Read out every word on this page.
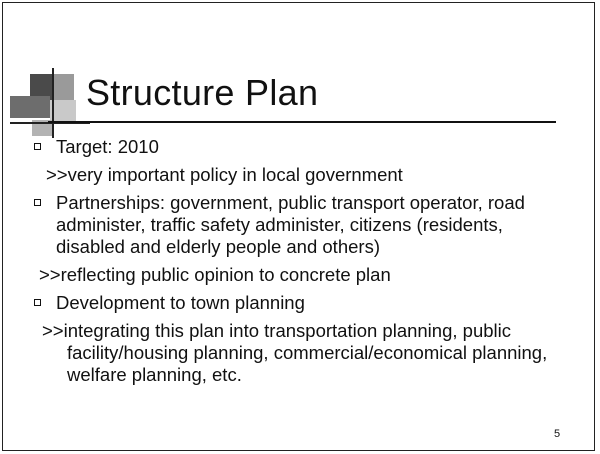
Structure Plan
Target: 2010
>>very important policy in local government
Partnerships: government, public transport operator, road administer, traffic safety administer, citizens (residents, disabled and elderly people and others)
>>reflecting public opinion to concrete plan
Development to town planning
>>integrating this plan into transportation planning, public facility/housing planning, commercial/economical planning, welfare planning, etc.
5
